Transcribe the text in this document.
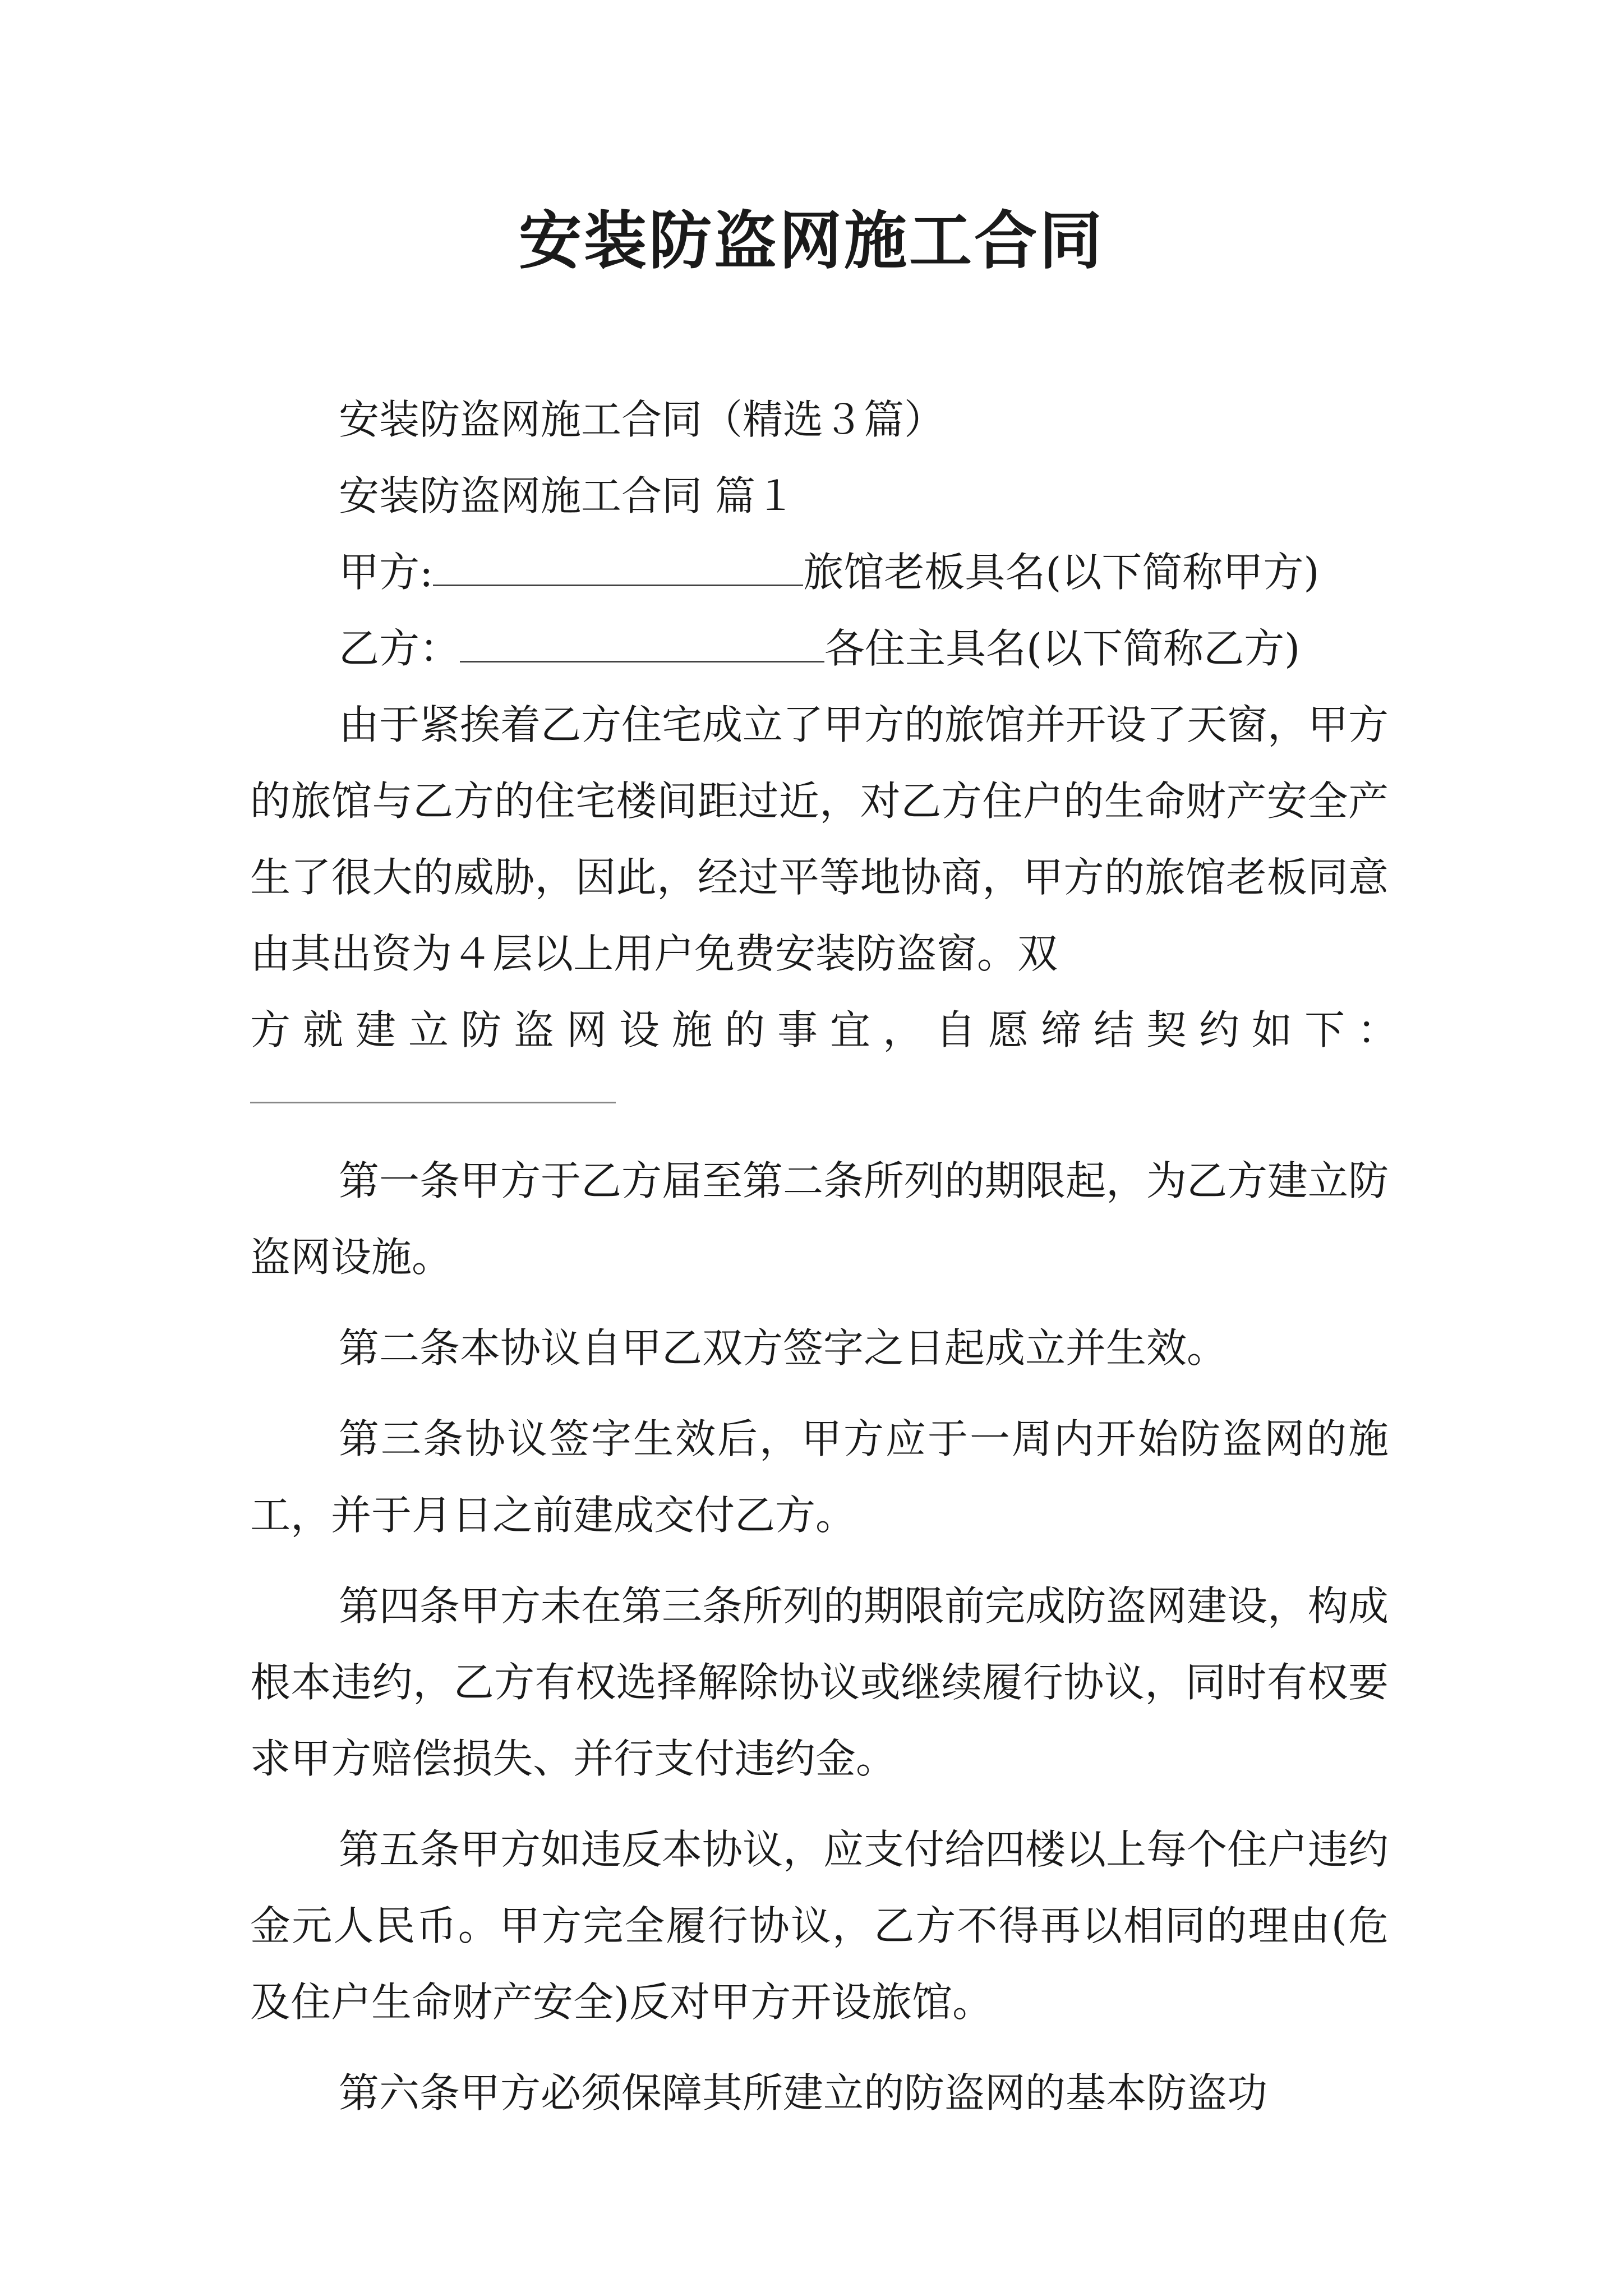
安装防盗网施工合同
安装防盗网施工合同（精选３篇）
安装防盗网施工合同 篇１
甲方:	旅馆老板具名(以下简称甲方)
乙方：	各住主具名(以下简称乙方)

由于紧挨着乙方住宅成立了甲方的旅馆并开设了天窗，甲方的旅馆与乙方的住宅楼间距过近，对乙方住户的生命财产安全产生了很大的威胁，因此，经过平等地协商，甲方的旅馆老板同意由其出资为４层以上用户免费安装防盗窗。双

方就建立防盗网设施的事宜，自愿缔结契约如下：

第一条甲方于乙方届至第二条所列的期限起，为乙方建立防盗网设施。

第二条本协议自甲乙双方签字之日起成立并生效。

第三条协议签字生效后，甲方应于一周内开始防盗网的施工，并于月日之前建成交付乙方。

第四条甲方未在第三条所列的期限前完成防盗网建设，构成根本违约，乙方有权选择解除协议或继续履行协议，同时有权要求甲方赔偿损失、并行支付违约金。

第五条甲方如违反本协议，应支付给四楼以上每个住户违约金元人民币。甲方完全履行协议，乙方不得再以相同的理由(危及住户生命财产安全)反对甲方开设旅馆。

第六条甲方必须保障其所建立的防盗网的基本防盗功
